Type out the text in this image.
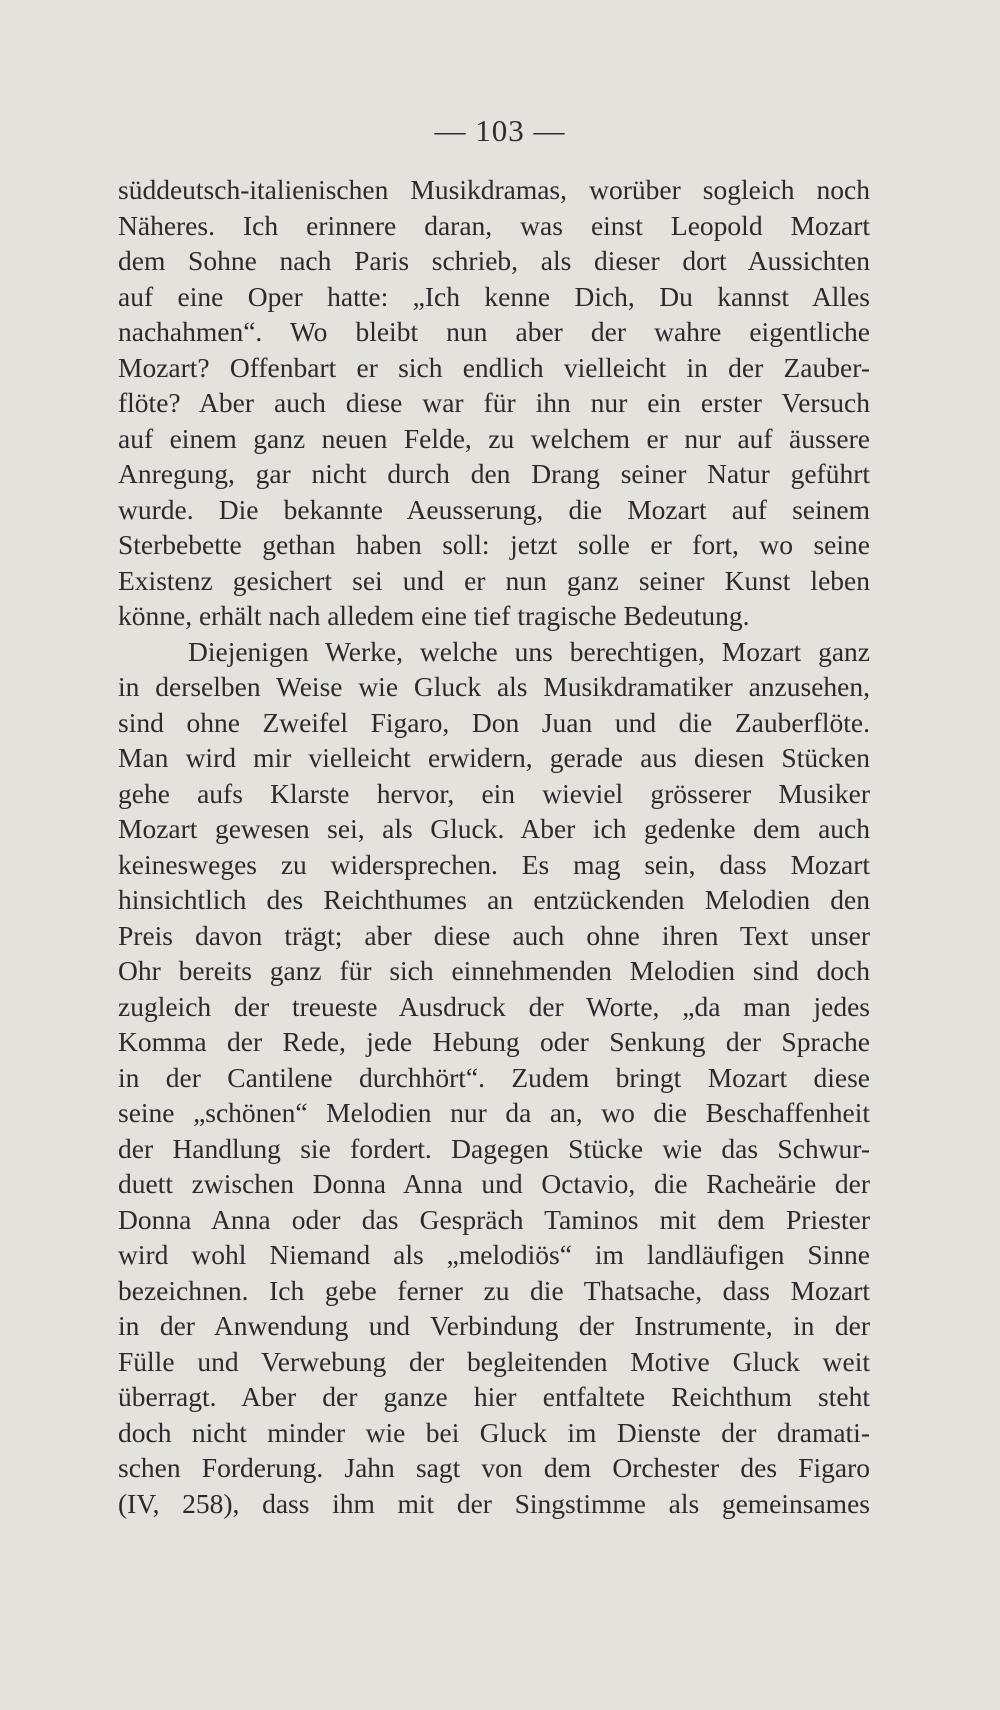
— 103 —
süddeutsch-italienischen Musikdramas, worüber sogleich noch
Näheres. Ich erinnere daran, was einst Leopold Mozart
dem Sohne nach Paris schrieb, als dieser dort Aussichten
auf eine Oper hatte: „Ich kenne Dich, Du kannst Alles
nachahmen“. Wo bleibt nun aber der wahre eigentliche
Mozart? Offenbart er sich endlich vielleicht in der Zauber-
flöte? Aber auch diese war für ihn nur ein erster Versuch
auf einem ganz neuen Felde, zu welchem er nur auf äussere
Anregung, gar nicht durch den Drang seiner Natur geführt
wurde. Die bekannte Aeusserung, die Mozart auf seinem
Sterbebette gethan haben soll: jetzt solle er fort, wo seine
Existenz gesichert sei und er nun ganz seiner Kunst leben
könne, erhält nach alledem eine tief tragische Bedeutung.
Diejenigen Werke, welche uns berechtigen, Mozart ganz
in derselben Weise wie Gluck als Musikdramatiker anzusehen,
sind ohne Zweifel Figaro, Don Juan und die Zauberflöte.
Man wird mir vielleicht erwidern, gerade aus diesen Stücken
gehe aufs Klarste hervor, ein wieviel grösserer Musiker
Mozart gewesen sei, als Gluck. Aber ich gedenke dem auch
keinesweges zu widersprechen. Es mag sein, dass Mozart
hinsichtlich des Reichthumes an entzückenden Melodien den
Preis davon trägt; aber diese auch ohne ihren Text unser
Ohr bereits ganz für sich einnehmenden Melodien sind doch
zugleich der treueste Ausdruck der Worte, „da man jedes
Komma der Rede, jede Hebung oder Senkung der Sprache
in der Cantilene durchhört“. Zudem bringt Mozart diese
seine „schönen“ Melodien nur da an, wo die Beschaffenheit
der Handlung sie fordert. Dagegen Stücke wie das Schwur-
duett zwischen Donna Anna und Octavio, die Racheärie der
Donna Anna oder das Gespräch Taminos mit dem Priester
wird wohl Niemand als „melodiös“ im landläufigen Sinne
bezeichnen. Ich gebe ferner zu die Thatsache, dass Mozart
in der Anwendung und Verbindung der Instrumente, in der
Fülle und Verwebung der begleitenden Motive Gluck weit
überragt. Aber der ganze hier entfaltete Reichthum steht
doch nicht minder wie bei Gluck im Dienste der dramati-
schen Forderung. Jahn sagt von dem Orchester des Figaro
(IV, 258), dass ihm mit der Singstimme als gemeinsames
